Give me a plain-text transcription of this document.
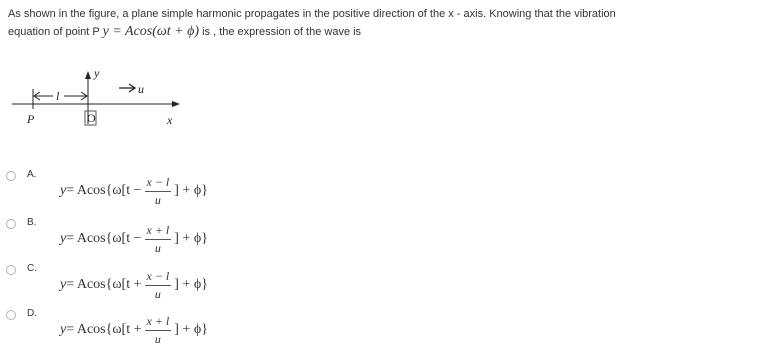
As shown in the figure, a plane simple harmonic propagates in the positive direction of the x - axis. Knowing that the vibration
equation of point P y = Acos(ωt + ϕ) is , the expression of the wave is
y
u
l
P	O	x
A.
$y = Acos\{\omega[t - \frac{x - l}{u}$ ] + ϕ}
B.
$y = Acos\{\omega[t - \frac{x + l}{u}$ ] + ϕ}
C.
$y = Acos\{\omega[t + \frac{x - l}{u}$ ] + ϕ}
D.
$y = Acos\{\omega[t + \frac{x + l}{u}$ ] + ϕ}
